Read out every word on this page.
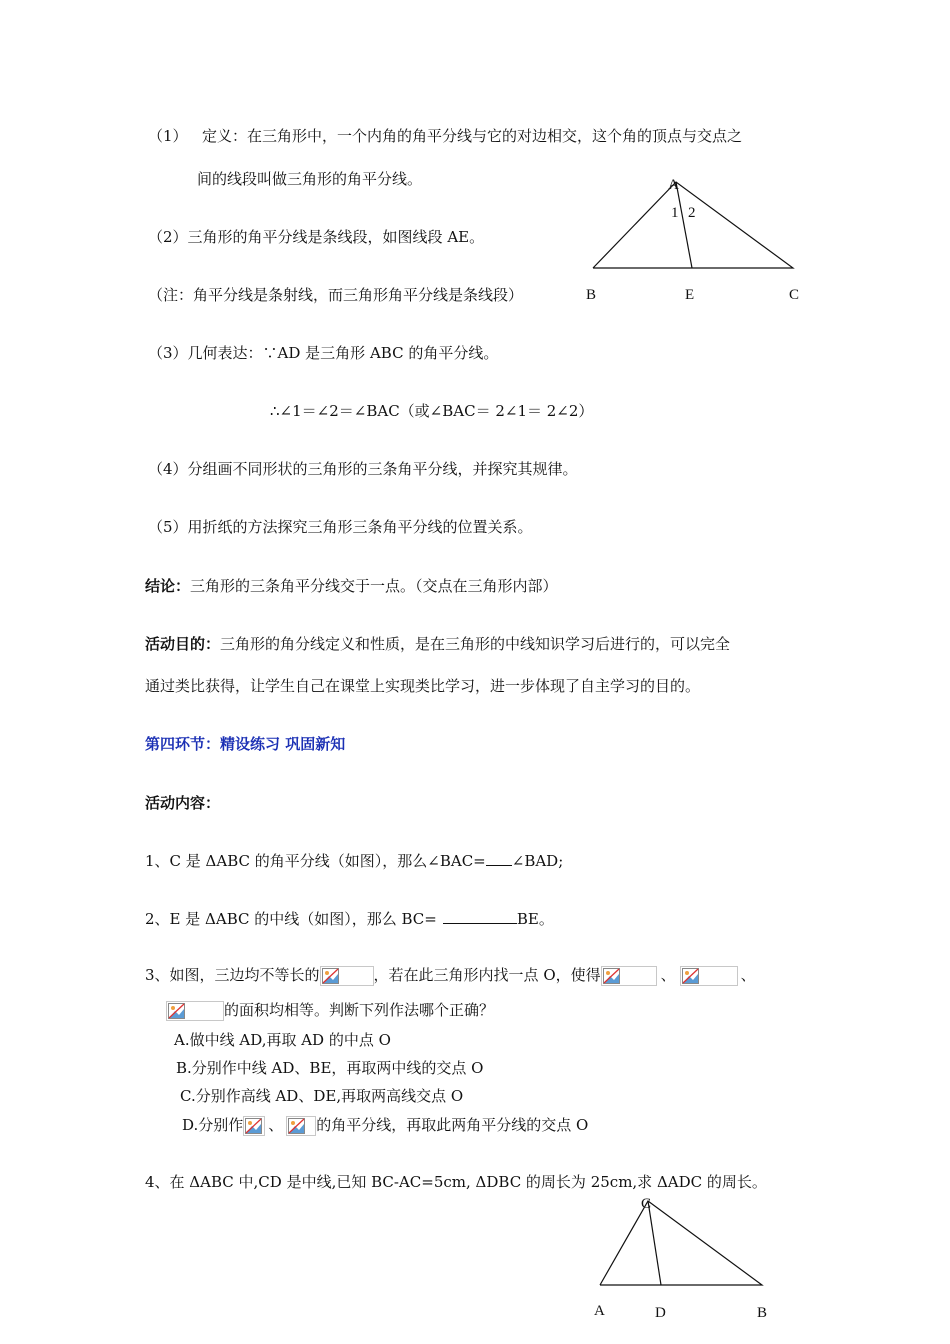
（1） 定义：在三角形中，一个内角的角平分线与它的对边相交，这个角的顶点与交点之
间的线段叫做三角形的角平分线。
（2）三角形的角平分线是条线段，如图线段 AE。
（注：角平分线是条射线，而三角形角平分线是条线段）
（3）几何表达：∵AD 是三角形 ABC 的角平分线。
∴∠1＝∠2＝∠BAC（或∠BAC＝ 2∠1＝ 2∠2）
（4）分组画不同形状的三角形的三条角平分线，并探究其规律。
（5）用折纸的方法探究三角形三条角平分线的位置关系。
A
1 2
B	E	C
结论：三角形的三条角平分线交于一点。（交点在三角形内部）
活动目的：三角形的角分线定义和性质，是在三角形的中线知识学习后进行的，可以完全
通过类比获得，让学生自己在课堂上实现类比学习，进一步体现了自主学习的目的。
第四环节：精设练习 巩固新知
活动内容：
1、C 是 ΔABC 的角平分线（如图），那么∠BAC= ∠BAD;
2、E 是 ΔABC 的中线（如图），那么 BC=	BE。
3、如图，三边均不等长的	，若在此三角形内找一点 O，使得	、	、
的面积均相等。判断下列作法哪个正确？
A.做中线 AD,再取 AD 的中点 O
B.分别作中线 AD、BE，再取两中线的交点 O
C.分别作高线 AD、DE,再取两高线交点 O
D.分别作 、 的角平分线，再取此两角平分线的交点 O
4、在 ΔABC 中,CD 是中线,已知 BC-AC=5cm, ΔDBC 的周长为 25cm,求 ΔADC 的周长。
C
A	D	B
